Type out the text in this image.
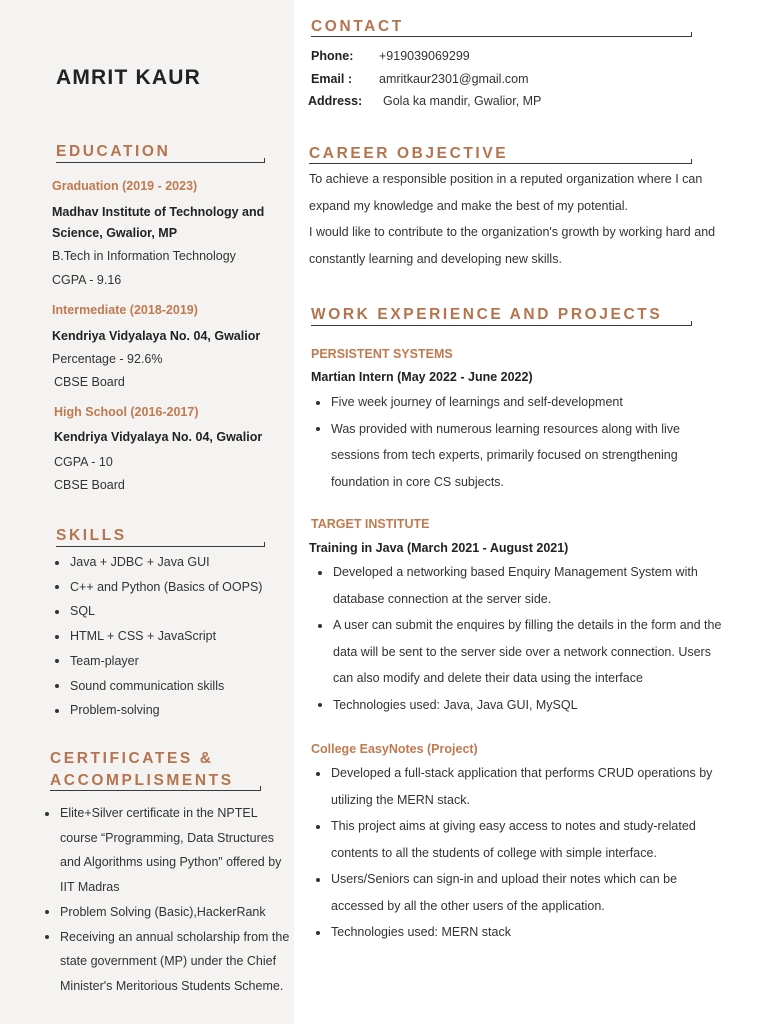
AMRIT KAUR
EDUCATION
Graduation (2019 - 2023)
Madhav Institute of Technology and Science, Gwalior, MP
B.Tech in Information Technology
CGPA - 9.16
Intermediate (2018-2019)
Kendriya Vidyalaya No. 04, Gwalior
Percentage - 92.6%
CBSE Board
High School (2016-2017)
Kendriya Vidyalaya No. 04, Gwalior
CGPA - 10
CBSE Board
SKILLS
Java + JDBC + Java GUI
C++ and Python (Basics of OOPS)
SQL
HTML + CSS + JavaScript
Team-player
Sound communication skills
Problem-solving
CERTIFICATES &
ACCOMPLISMENTS
Elite+Silver certificate in the NPTEL course “Programming, Data Structures and Algorithms using Python” offered by IIT Madras
Problem Solving (Basic),HackerRank
Receiving an annual scholarship from the state government (MP) under the Chief Minister's Meritorious Students Scheme.
CONTACT
Phone: +919039069299
Email : amritkaur2301@gmail.com
Address: Gola ka mandir, Gwalior, MP
CAREER OBJECTIVE
To achieve a responsible position in a reputed organization where I can expand my knowledge and make the best of my potential.
I would like to contribute to the organization's growth by working hard and constantly learning and developing new skills.
WORK EXPERIENCE AND PROJECTS
PERSISTENT SYSTEMS
Martian Intern (May 2022 - June 2022)
Five week journey of learnings and self-development
Was provided with numerous learning resources along with live sessions from tech experts, primarily focused on strengthening foundation in core CS subjects.
TARGET INSTITUTE
Training in Java (March 2021 - August 2021)
Developed a networking based Enquiry Management System with database connection at the server side.
A user can submit the enquires by filling the details in the form and the data will be sent to the server side over a network connection. Users can also modify and delete their data using the interface
Technologies used: Java, Java GUI, MySQL
College EasyNotes (Project)
Developed a full-stack application that performs CRUD operations by utilizing the MERN stack.
This project aims at giving easy access to notes and study-related contents to all the students of college with simple interface.
Users/Seniors can sign-in and upload their notes which can be accessed by all the other users of the application.
Technologies used: MERN stack
